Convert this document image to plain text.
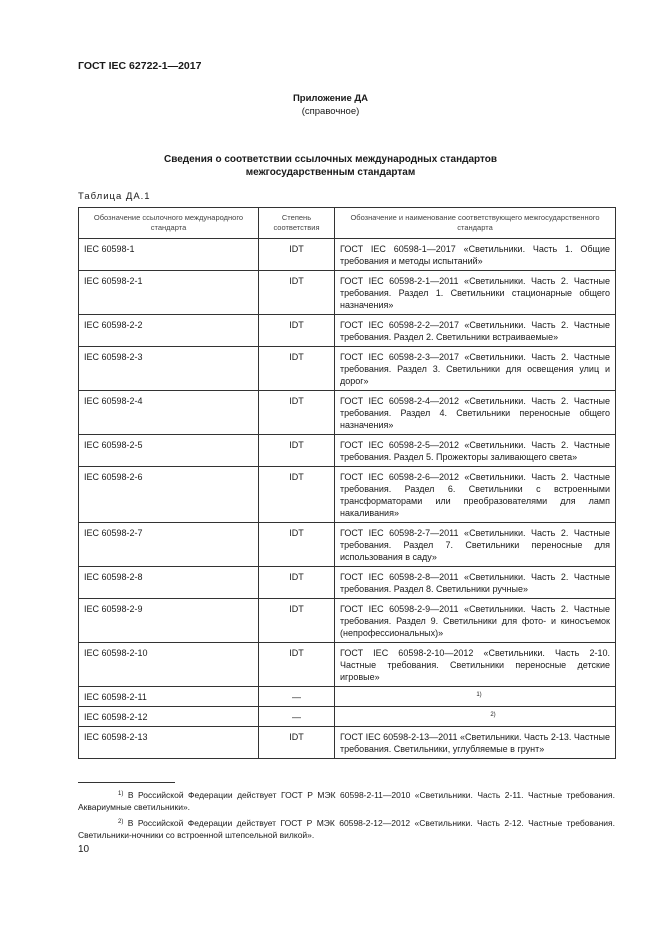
ГОСТ IEC 62722-1—2017
Приложение ДА
(справочное)
Сведения о соответствии ссылочных международных стандартов
межгосударственным стандартам
Таблица ДА.1
Обозначение ссылочного международного стандарта	Степень соответствия	Обозначение и наименование соответствующего межгосударственного стандарта
IEC 60598-1	IDT	ГОСТ IEC 60598-1—2017 «Светильники. Часть 1. Общие требования и методы испытаний»
IEC 60598-2-1	IDT	ГОСТ IEC 60598-2-1—2011 «Светильники. Часть 2. Частные требования. Раздел 1. Светильники стационарные общего назначения»
IEC 60598-2-2	IDT	ГОСТ IEC 60598-2-2—2017 «Светильники. Часть 2. Частные требования. Раздел 2. Светильники встраиваемые»
IEC 60598-2-3	IDT	ГОСТ IEC 60598-2-3—2017 «Светильники. Часть 2. Частные требования. Раздел 3. Светильники для освещения улиц и дорог»
IEC 60598-2-4	IDT	ГОСТ IEC 60598-2-4—2012 «Светильники. Часть 2. Частные требования. Раздел 4. Светильники переносные общего назначения»
IEC 60598-2-5	IDT	ГОСТ IEC 60598-2-5—2012 «Светильники. Часть 2. Частные требования. Раздел 5. Прожекторы заливающего света»
IEC 60598-2-6	IDT	ГОСТ IEC 60598-2-6—2012 «Светильники. Часть 2. Частные требования. Раздел 6. Светильники с встроенными трансформаторами или преобразователями для ламп накаливания»
IEC 60598-2-7	IDT	ГОСТ IEC 60598-2-7—2011 «Светильники. Часть 2. Частные требования. Раздел 7. Светильники переносные для использования в саду»
IEC 60598-2-8	IDT	ГОСТ IEC 60598-2-8—2011 «Светильники. Часть 2. Частные требования. Раздел 8. Светильники ручные»
IEC 60598-2-9	IDT	ГОСТ IEC 60598-2-9—2011 «Светильники. Часть 2. Частные требования. Раздел 9. Светильники для фото- и киносъемок (непрофессиональных)»
IEC 60598-2-10	IDT	ГОСТ IEC 60598-2-10—2012 «Светильники. Часть 2-10. Частные требования. Светильники переносные детские игровые»
IEC 60598-2-11	—	1)

IEC 60598-2-12	—	2)

IEC 60598-2-13	IDT	ГОСТ IEC 60598-2-13—2011 «Светильники. Часть 2-13. Частные требования. Светильники, углубляемые в грунт»
$^{1)}$ В Российской Федерации действует ГОСТ Р МЭК 60598-2-11—2010 «Светильники. Часть 2-11. Частные требования. Аквариумные светильники».
$^{2)}$ В Российской Федерации действует ГОСТ Р МЭК 60598-2-12—2012 «Светильники. Часть 2-12. Частные требования. Светильники-ночники со встроенной штепсельной вилкой».
10
